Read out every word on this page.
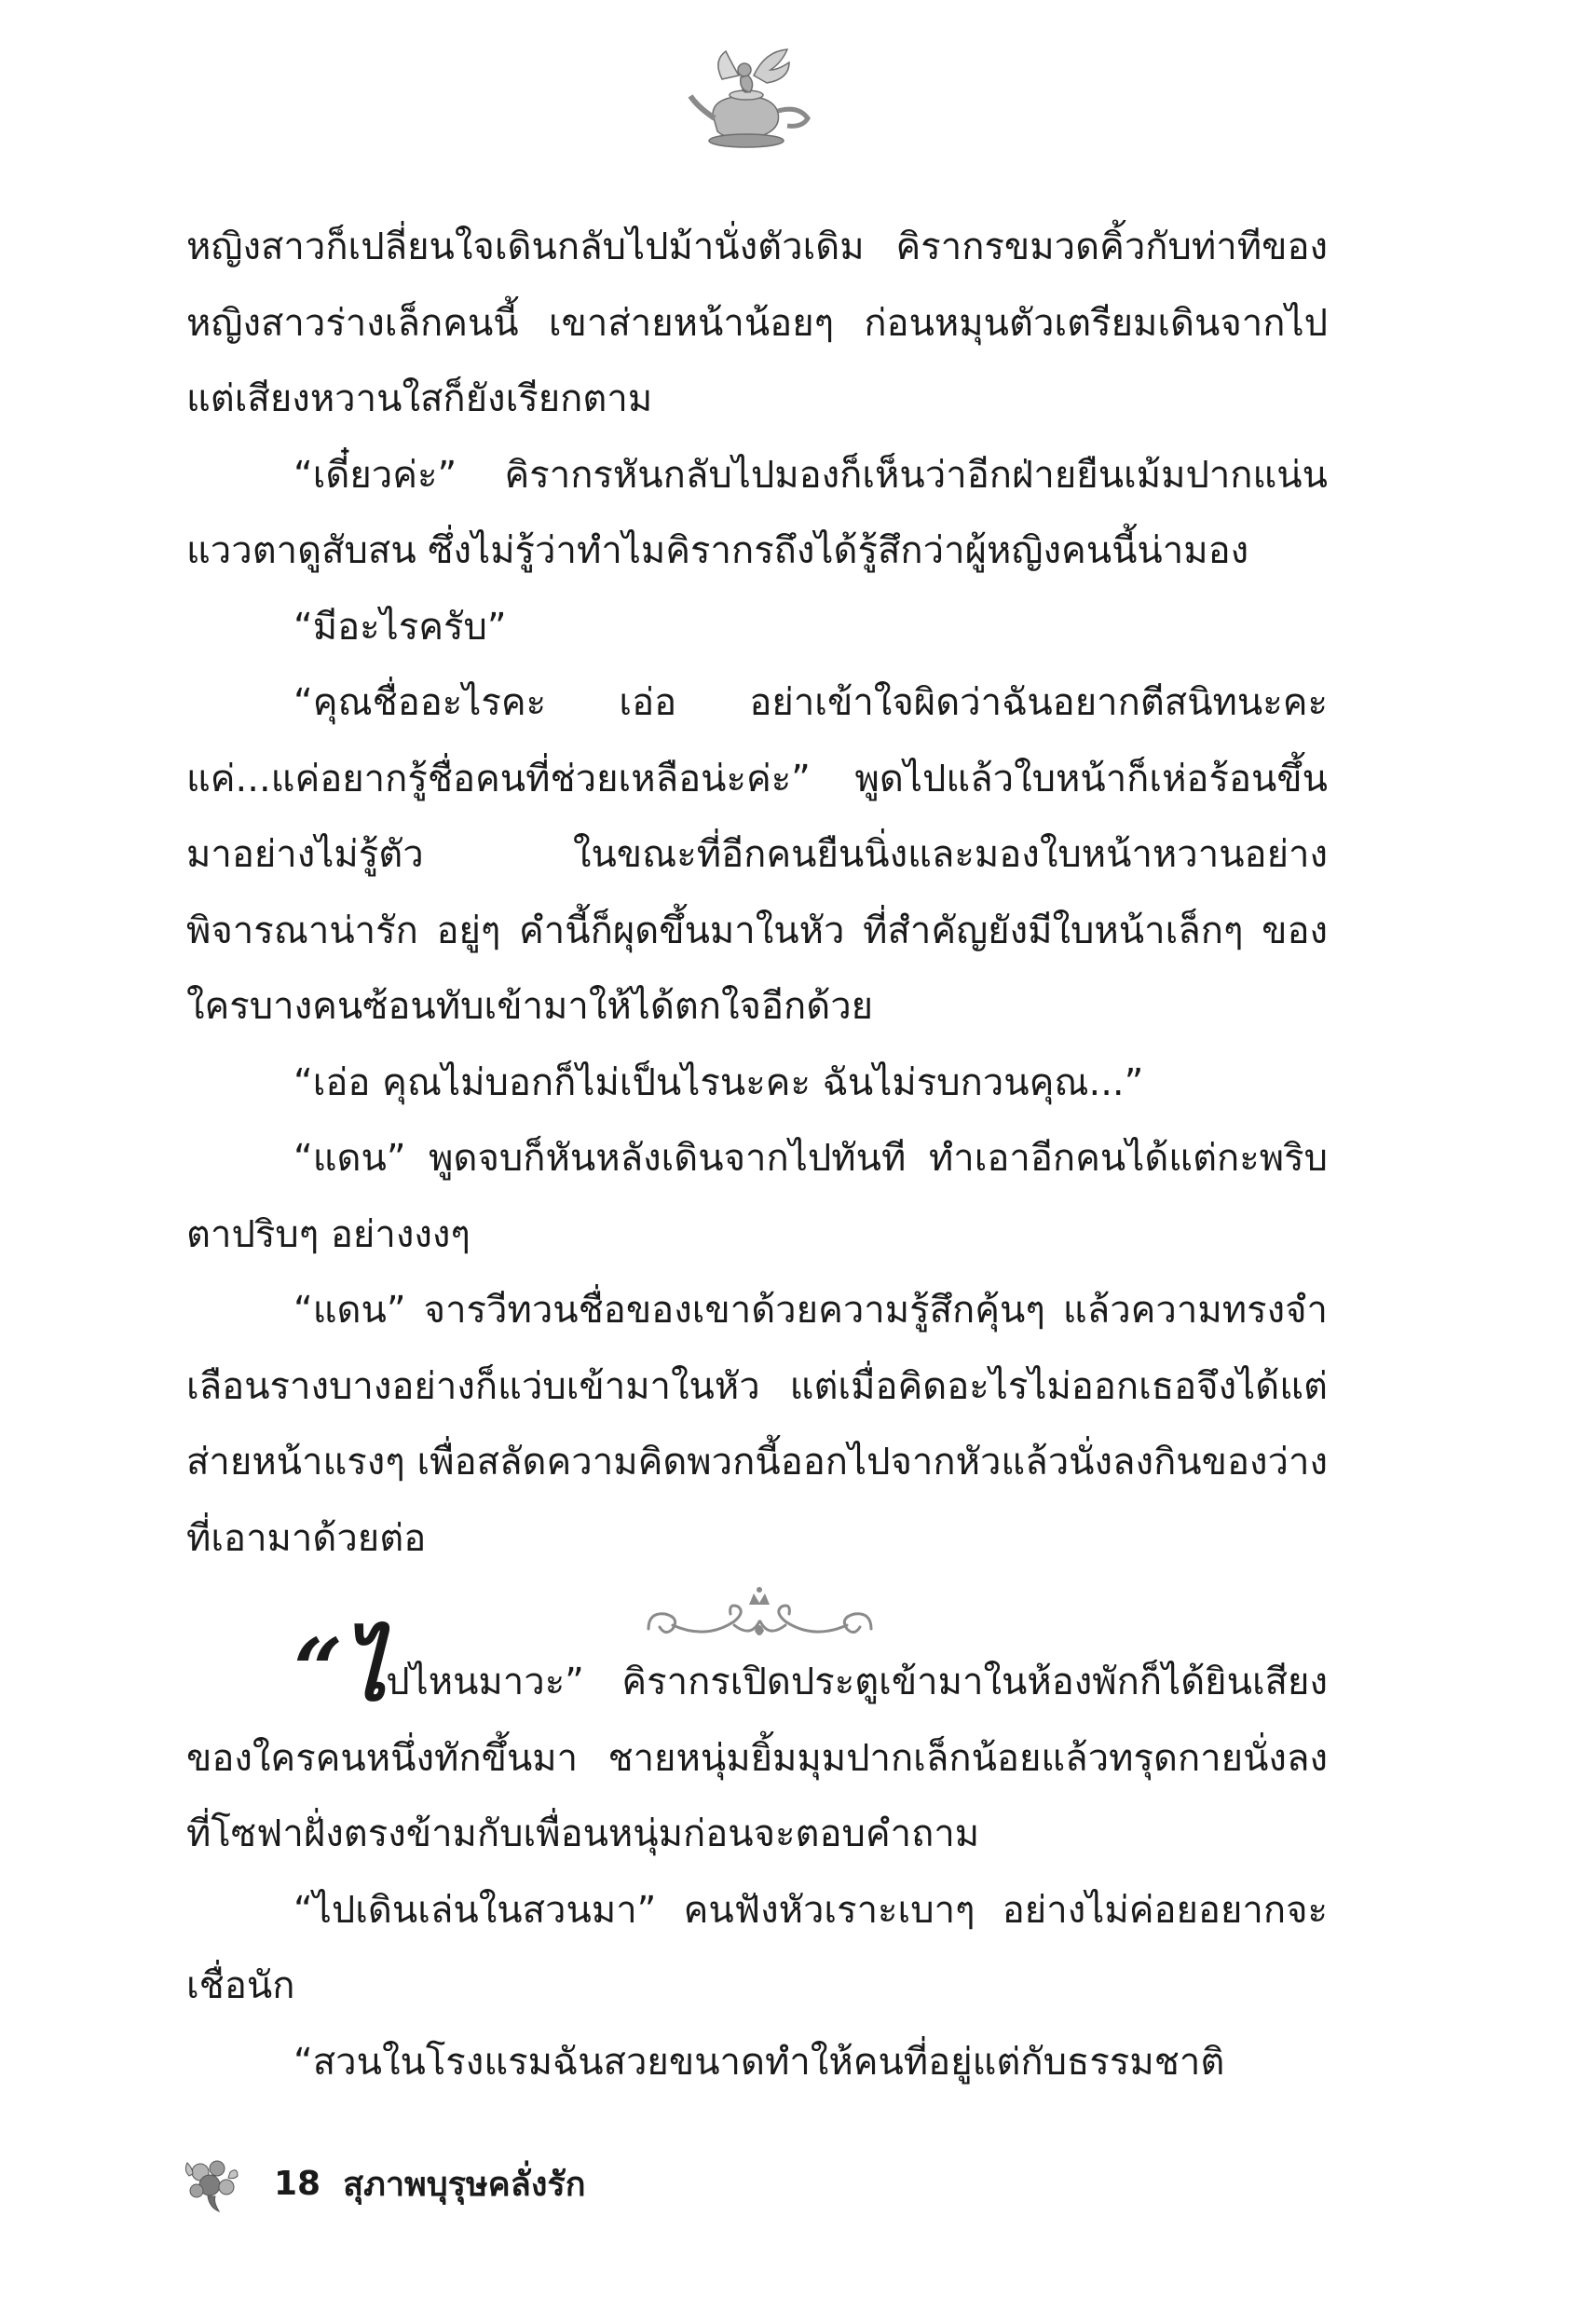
หญิงสาวก็เปลี่ยนใจเดินกลับไปม้านั่งตัวเดิม คิรากรขมวดคิ้วกับท่าทีของหญิงสาวร่างเล็กคนนี้ เขาส่ายหน้าน้อยๆ ก่อนหมุนตัวเตรียมเดินจากไป แต่เสียงหวานใสก็ยังเรียกตาม

“เดี๋ยวค่ะ” คิรากรหันกลับไปมองก็เห็นว่าอีกฝ่ายยืนเม้มปากแน่นแววตาดูสับสน ซึ่งไม่รู้ว่าทำไมคิรากรถึงได้รู้สึกว่าผู้หญิงคนนี้น่ามอง

“มีอะไรครับ”

“คุณชื่ออะไรคะ เอ่อ อย่าเข้าใจผิดว่าฉันอยากตีสนิทนะคะ แค่...แค่อยากรู้ชื่อคนที่ช่วยเหลือน่ะค่ะ” พูดไปแล้วใบหน้าก็เห่อร้อนขึ้นมาอย่างไม่รู้ตัว ในขณะที่อีกคนยืนนิ่งและมองใบหน้าหวานอย่างพิจารณาน่ารัก อยู่ๆ คำนี้ก็ผุดขึ้นมาในหัว ที่สำคัญยังมีใบหน้าเล็กๆ ของใครบางคนซ้อนทับเข้ามาให้ได้ตกใจอีกด้วย

“เอ่อ คุณไม่บอกก็ไม่เป็นไรนะคะ ฉันไม่รบกวนคุณ...”

“แดน” พูดจบก็หันหลังเดินจากไปทันที ทำเอาอีกคนได้แต่กะพริบตาปริบๆ อย่างงงๆ

“แดน” จารวีทวนชื่อของเขาด้วยความรู้สึกคุ้นๆ แล้วความทรงจำเลือนรางบางอย่างก็แว่บเข้ามาในหัว แต่เมื่อคิดอะไรไม่ออกเธอจึงได้แต่ส่ายหน้าแรงๆ เพื่อสลัดความคิดพวกนี้ออกไปจากหัวแล้วนั่งลงกินของว่างที่เอามาด้วยต่อ

“ไปไหนมาวะ” คิรากรเปิดประตูเข้ามาในห้องพักก็ได้ยินเสียงของใครคนหนึ่งทักขึ้นมา ชายหนุ่มยิ้มมุมปากเล็กน้อยแล้วทรุดกายนั่งลงที่โซฟาฝั่งตรงข้ามกับเพื่อนหนุ่มก่อนจะตอบคำถาม

“ไปเดินเล่นในสวนมา” คนฟังหัวเราะเบาๆ อย่างไม่ค่อยอยากจะเชื่อนัก

“สวนในโรงแรมฉันสวยขนาดทำให้คนที่อยู่แต่กับธรรมชาติ

18 สุภาพบุรุษคลั่งรัก
